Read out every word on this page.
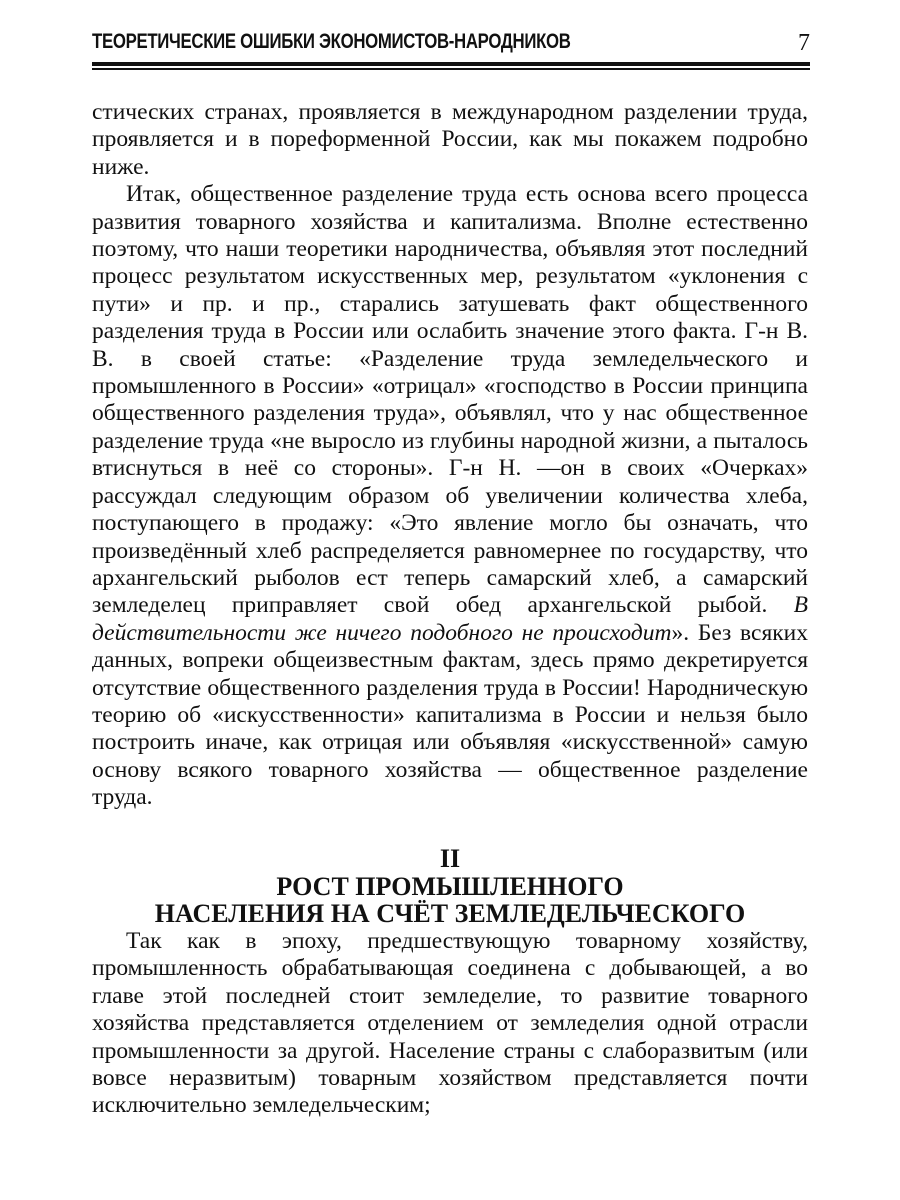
ТЕОРЕТИЧЕСКИЕ ОШИБКИ ЭКОНОМИСТОВ-НАРОДНИКОВ	7

стических странах, проявляется в международном разделении труда, проявляется и в пореформенной России, как мы покажем подробно ниже.

Итак, общественное разделение труда есть основа всего процесса развития товарного хозяйства и капитализма. Вполне естественно поэтому, что наши теоретики народничества, объявляя этот последний процесс результатом искусственных мер, результатом «уклонения с пути» и пр. и пр., старались затушевать факт общественного разделения труда в России или ослабить значение этого факта. Г-н В. В. в своей статье: «Разделение труда земледельческого и промышленного в России» «отрицал» «господство в России принципа общественного разделения труда», объявлял, что у нас общественное разделение труда «не выросло из глубины народной жизни, а пыталось втиснуться в неё со стороны». Г-н Н. —он в своих «Очерках» рассуждал следующим образом об увеличении количества хлеба, поступающего в продажу: «Это явление могло бы означать, что произведённый хлеб распределяется равномернее по государству, что архангельский рыболов ест теперь самарский хлеб, а самарский земледелец приправляет свой обед архангельской рыбой. В действительности же ничего подобного не происходит». Без всяких данных, вопреки общеизвестным фактам, здесь прямо декретируется отсутствие общественного разделения труда в России! Народническую теорию об «искусственности» капитализма в России и нельзя было построить иначе, как отрицая или объявляя «искусственной» самую основу всякого товарного хозяйства — общественное разделение труда.

II
РОСТ ПРОМЫШЛЕННОГО
НАСЕЛЕНИЯ НА СЧЁТ ЗЕМЛЕДЕЛЬЧЕСКОГО

Так как в эпоху, предшествующую товарному хозяйству, промышленность обрабатывающая соединена с добывающей, а во главе этой последней стоит земледелие, то развитие товарного хозяйства представляется отделением от земледелия одной отрасли промышленности за другой. Население страны с слаборазвитым (или вовсе неразвитым) товарным хозяйством представляется почти исключительно земледельческим;
